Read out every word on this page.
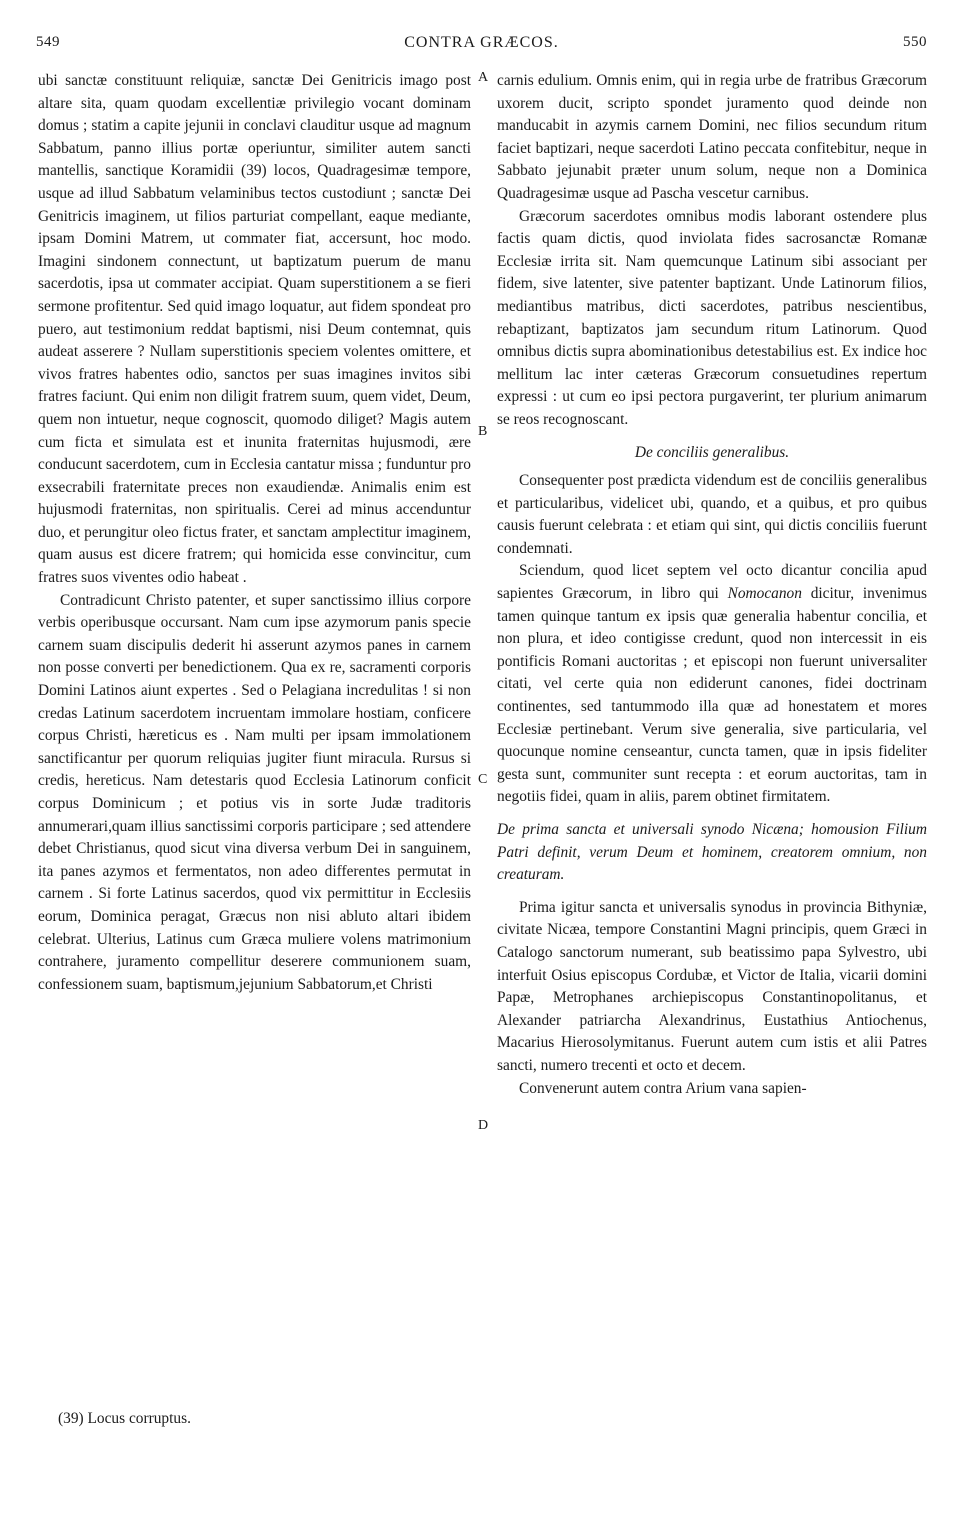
549	CONTRA GRÆCOS.	550
A
B
C
D

ubi sanctæ constituunt reliquiæ, sanctæ Dei Genitricis imago post altare sita, quam quodam excellentiæ privilegio vocant dominam domus ; statim a capite jejunii in conclavi clauditur usque ad magnum Sabbatum, panno illius portæ operiuntur, similiter autem sancti mantellis, sanctique Koramidii (39) locos, Quadragesimæ tempore, usque ad illud Sabbatum velaminibus tectos custodiunt ; sanctæ Dei Genitricis imaginem, ut filios parturiat compellant, eaque mediante, ipsam Domini Matrem, ut commater fiat, accersunt, hoc modo. Imagini sindonem connectunt, ut baptizatum puerum de manu sacerdotis, ipsa ut commater accipiat. Quam superstitionem a se fieri sermone profitentur. Sed quid imago loquatur, aut fidem spondeat pro puero, aut testimonium reddat baptismi, nisi Deum contemnat, quis audeat asserere ? Nullam superstitionis speciem volentes omittere, et vivos fratres habentes odio, sanctos per suas imagines invitos sibi fratres faciunt. Qui enim non diligit fratrem suum, quem videt, Deum, quem non intuetur, neque cognoscit, quomodo diliget? Magis autem cum ficta et simulata est et inunita fraternitas hujusmodi, ære conducunt sacerdotem, cum in Ecclesia cantatur missa ; funduntur pro exsecrabili fraternitate preces non exaudiendæ. Animalis enim est hujusmodi fraternitas, non spiritualis. Cerei ad minus accenduntur duo, et perungitur oleo fictus frater, et sanctam amplectitur imaginem, quam ausus est dicere fratrem; qui homicida esse convincitur, cum fratres suos viventes odio habeat .

Contradicunt Christo patenter, et super sanctissimo illius corpore verbis operibusque occursant. Nam cum ipse azymorum panis specie carnem suam discipulis dederit hi asserunt azymos panes in carnem non posse converti per benedictionem. Qua ex re, sacramenti corporis Domini Latinos aiunt expertes . Sed o Pelagiana incredulitas ! si non credas Latinum sacerdotem incruentam immolare hostiam, conficere corpus Christi, hæreticus es . Nam multi per ipsam immolationem sanctificantur per quorum reliquias jugiter fiunt miracula. Rursus si credis, hereticus. Nam detestaris quod Ecclesia Latinorum conficit corpus Dominicum ; et potius vis in sorte Judæ traditoris annumerari,quam illius sanctissimi corporis participare ; sed attendere debet Christianus, quod sicut vina diversa verbum Dei in sanguinem, ita panes azymos et fermentatos, non adeo differentes permutat in carnem . Si forte Latinus sacerdos, quod vix permittitur in Ecclesiis eorum, Dominica peragat, Græcus non nisi abluto altari ibidem celebrat. Ulterius, Latinus cum Græca muliere volens matrimonium contrahere, juramento compellitur deserere communionem suam, confessionem suam, baptismum,jejunium Sabbatorum,et Christi

(39) Locus corruptus.

carnis edulium. Omnis enim, qui in regia urbe de fratribus Græcorum uxorem ducit, scripto spondet juramento quod deinde non manducabit in azymis carnem Domini, nec filios secundum ritum faciet baptizari, neque sacerdoti Latino peccata confitebitur, neque in Sabbato jejunabit præter unum solum, neque non a Dominica Quadragesimæ usque ad Pascha vescetur carnibus.

Græcorum sacerdotes omnibus modis laborant ostendere plus factis quam dictis, quod inviolata fides sacrosanctæ Romanæ Ecclesiæ irrita sit. Nam quemcunque Latinum sibi associant per fidem, sive latenter, sive patenter baptizant. Unde Latinorum filios, mediantibus matribus, dicti sacerdotes, patribus nescientibus, rebaptizant, baptizatos jam secundum ritum Latinorum. Quod omnibus dictis supra abominationibus detestabilius est. Ex indice hoc mellitum lac inter cæteras Græcorum consuetudines repertum expressi : ut cum eo ipsi pectora purgaverint, ter plurium animarum se reos recognoscant.

De conciliis generalibus.

Consequenter post prædicta videndum est de conciliis generalibus et particularibus, videlicet ubi, quando, et a quibus, et pro quibus causis fuerunt celebrata : et etiam qui sint, qui dictis conciliis fuerunt condemnati.

Sciendum, quod licet septem vel octo dicantur concilia apud sapientes Græcorum, in libro qui Nomocanon dicitur, invenimus tamen quinque tantum ex ipsis quæ generalia habentur concilia, et non plura, et ideo contigisse credunt, quod non intercessit in eis pontificis Romani auctoritas ; et episcopi non fuerunt universaliter citati, vel certe quia non ediderunt canones, fidei doctrinam continentes, sed tantummodo illa quæ ad honestatem et mores Ecclesiæ pertinebant. Verum sive generalia, sive particularia, vel quocunque nomine censeantur, cuncta tamen, quæ in ipsis fideliter gesta sunt, communiter sunt recepta : et eorum auctoritas, tam in negotiis fidei, quam in aliis, parem obtinet firmitatem.

De prima sancta et universali synodo Nicæna; homousion Filium Patri definit, verum Deum et hominem, creatorem omnium, non creaturam.

Prima igitur sancta et universalis synodus in provincia Bithyniæ, civitate Nicæa, tempore Constantini Magni principis, quem Græci in Catalogo sanctorum numerant, sub beatissimo papa Sylvestro, ubi interfuit Osius episcopus Cordubæ, et Victor de Italia, vicarii domini Papæ, Metrophanes archiepiscopus Constantinopolitanus, et Alexander patriarcha Alexandrinus, Eustathius Antiochenus, Macarius Hierosolymitanus. Fuerunt autem cum istis et alii Patres sancti, numero trecenti et octo et decem.

Convenerunt autem contra Arium vana sapien-
